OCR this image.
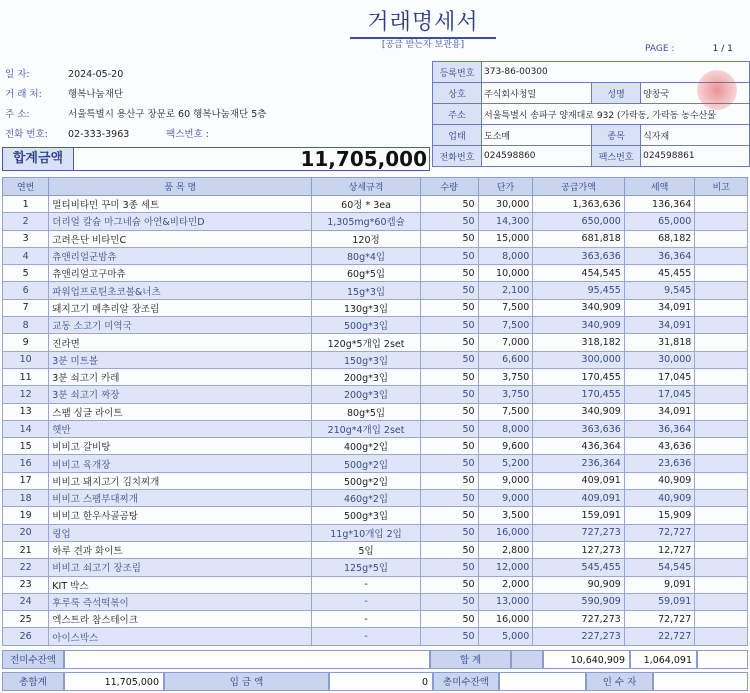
거래명세서
[공급 받는자 보관용]	PAGE :	1 / 1
일 자:	2024-05-20
거 래 처:	행복나눔재단
주 소:	서울특별시 용산구 장문로 60 행복나눔재단 5층
전화 번호: 02-333-3963	팩스번호 :
등록번호	373-86-00300		
상호	주식회사청밀	성명	양창국
주소	서울특별시 송파구 양재대로 932 (가락동, 가락동 농수산물		
업태	도소매	종목	식자재
전화번호	024598860	팩스번호	024598861
합계금액	11,705,000
연번	품 목 명	상세규격	수량	단가	공급가액	세액	비고
1	멀티비타민 꾸미 3종 세트	60정 * 3ea	50	30,000	1,363,636	136,364	
2	더리얼 칼슘 마그네슘 아연&비타민D	1,305mg*60캡슐	50	14,300	650,000	65,000	
3	고려은단 비타민C	120정	50	15,000	681,818	68,182	
4	츄앤리얼군밤츄	80g*4입	50	8,000	363,636	36,364	
5	츄앤리얼고구마츄	60g*5입	50	10,000	454,545	45,455	
6	파워업프로틴초코볼&너츠	15g*3입	50	2,100	95,455	9,545	
7	돼지고기 메추리알 장조림	130g*3입	50	7,500	340,909	34,091	
8	교동 소고기 미역국	500g*3입	50	7,500	340,909	34,091	
9	진라면	120g*5개입 2set	50	7,000	318,182	31,818	
10	3분 미트볼	150g*3입	50	6,600	300,000	30,000	
11	3분 쇠고기 카레	200g*3입	50	3,750	170,455	17,045	
12	3분 쇠고기 짜장	200g*3입	50	3,750	170,455	17,045	
13	스팸 싱글 라이트	80g*5입	50	7,500	340,909	34,091	
14	햇반	210g*4개입 2set	50	8,000	363,636	36,364	
15	비비고 갈비탕	400g*2입	50	9,600	436,364	43,636	
16	비비고 육개장	500g*2입	50	5,200	236,364	23,636	
17	비비고 돼지고기 김치찌개	500g*2입	50	9,000	409,091	40,909	
18	비비고 스팸부대찌개	460g*2입	50	9,000	409,091	40,909	
19	비비고 한우사골곰탕	500g*3입	50	3,500	159,091	15,909	
20	링업	11g*10개입 2입	50	16,000	727,273	72,727	
21	하루 견과 화이트	5입	50	2,800	127,273	12,727	
22	비비고 쇠고기 장조림	125g*5입	50	12,000	545,455	54,545	
23	KIT 박스	-	50	2,000	90,909	9,091	
24	후루룩 즉석떡볶이	-	50	13,000	590,909	59,091	
25	엑스트라 참스테이크	-	50	16,000	727,273	72,727	
26	아이스박스	-	50	5,000	227,273	22,727	
전미수잔액	합 계	10,640,909	1,064,091
총합계	11,705,000	입 금 액	0	총미수잔액	인 수 자
